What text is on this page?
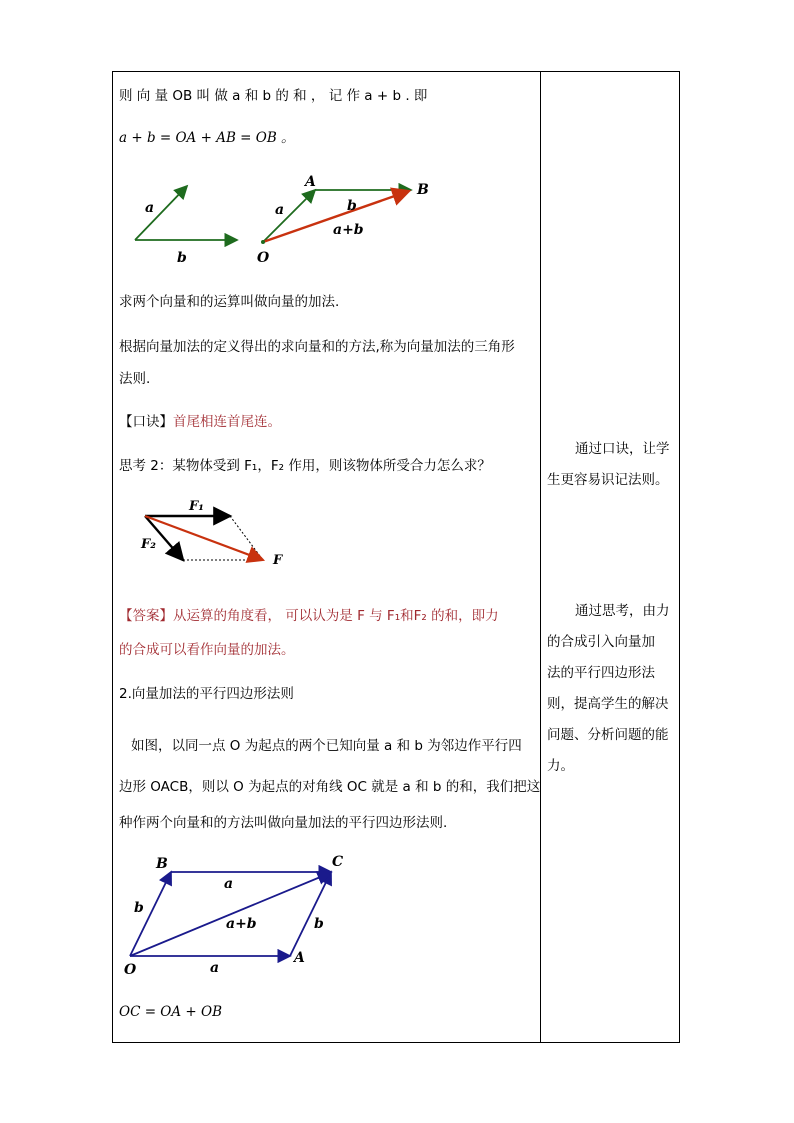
则 向 量 OB 叫 做 a 和 b 的 和 ， 记 作 a + b . 即
a + b = OA + AB = OB 。
a
b
A
a	b
B
a+b
O
求两个向量和的运算叫做向量的加法.
根据向量加法的定义得出的求向量和的方法,称为向量加法的三角形
法则.
【口诀】首尾相连首尾连。
思考 2：某物体受到 F₁，F₂ 作用，则该物体所受合力怎么求？
F₁
F₂
F
【答案】从运算的角度看， 可以认为是 F 与 F₁和F₂ 的和，即力
的合成可以看作向量的加法。
2.向量加法的平行四边形法则
如图，以同一点 O 为起点的两个已知向量 a 和 b 为邻边作平行四
边形 OACB，则以 O 为起点的对角线 OC 就是 a 和 b 的和，我们把这
种作两个向量和的方法叫做向量加法的平行四边形法则.
B	C
O
A
a
a
b
b
a+b
OC = OA + OB

通过口诀，让学

生更容易识记法则。

通过思考，由力

的合成引入向量加

法的平行四边形法

则，提高学生的解决

问题、分析问题的能

力。
